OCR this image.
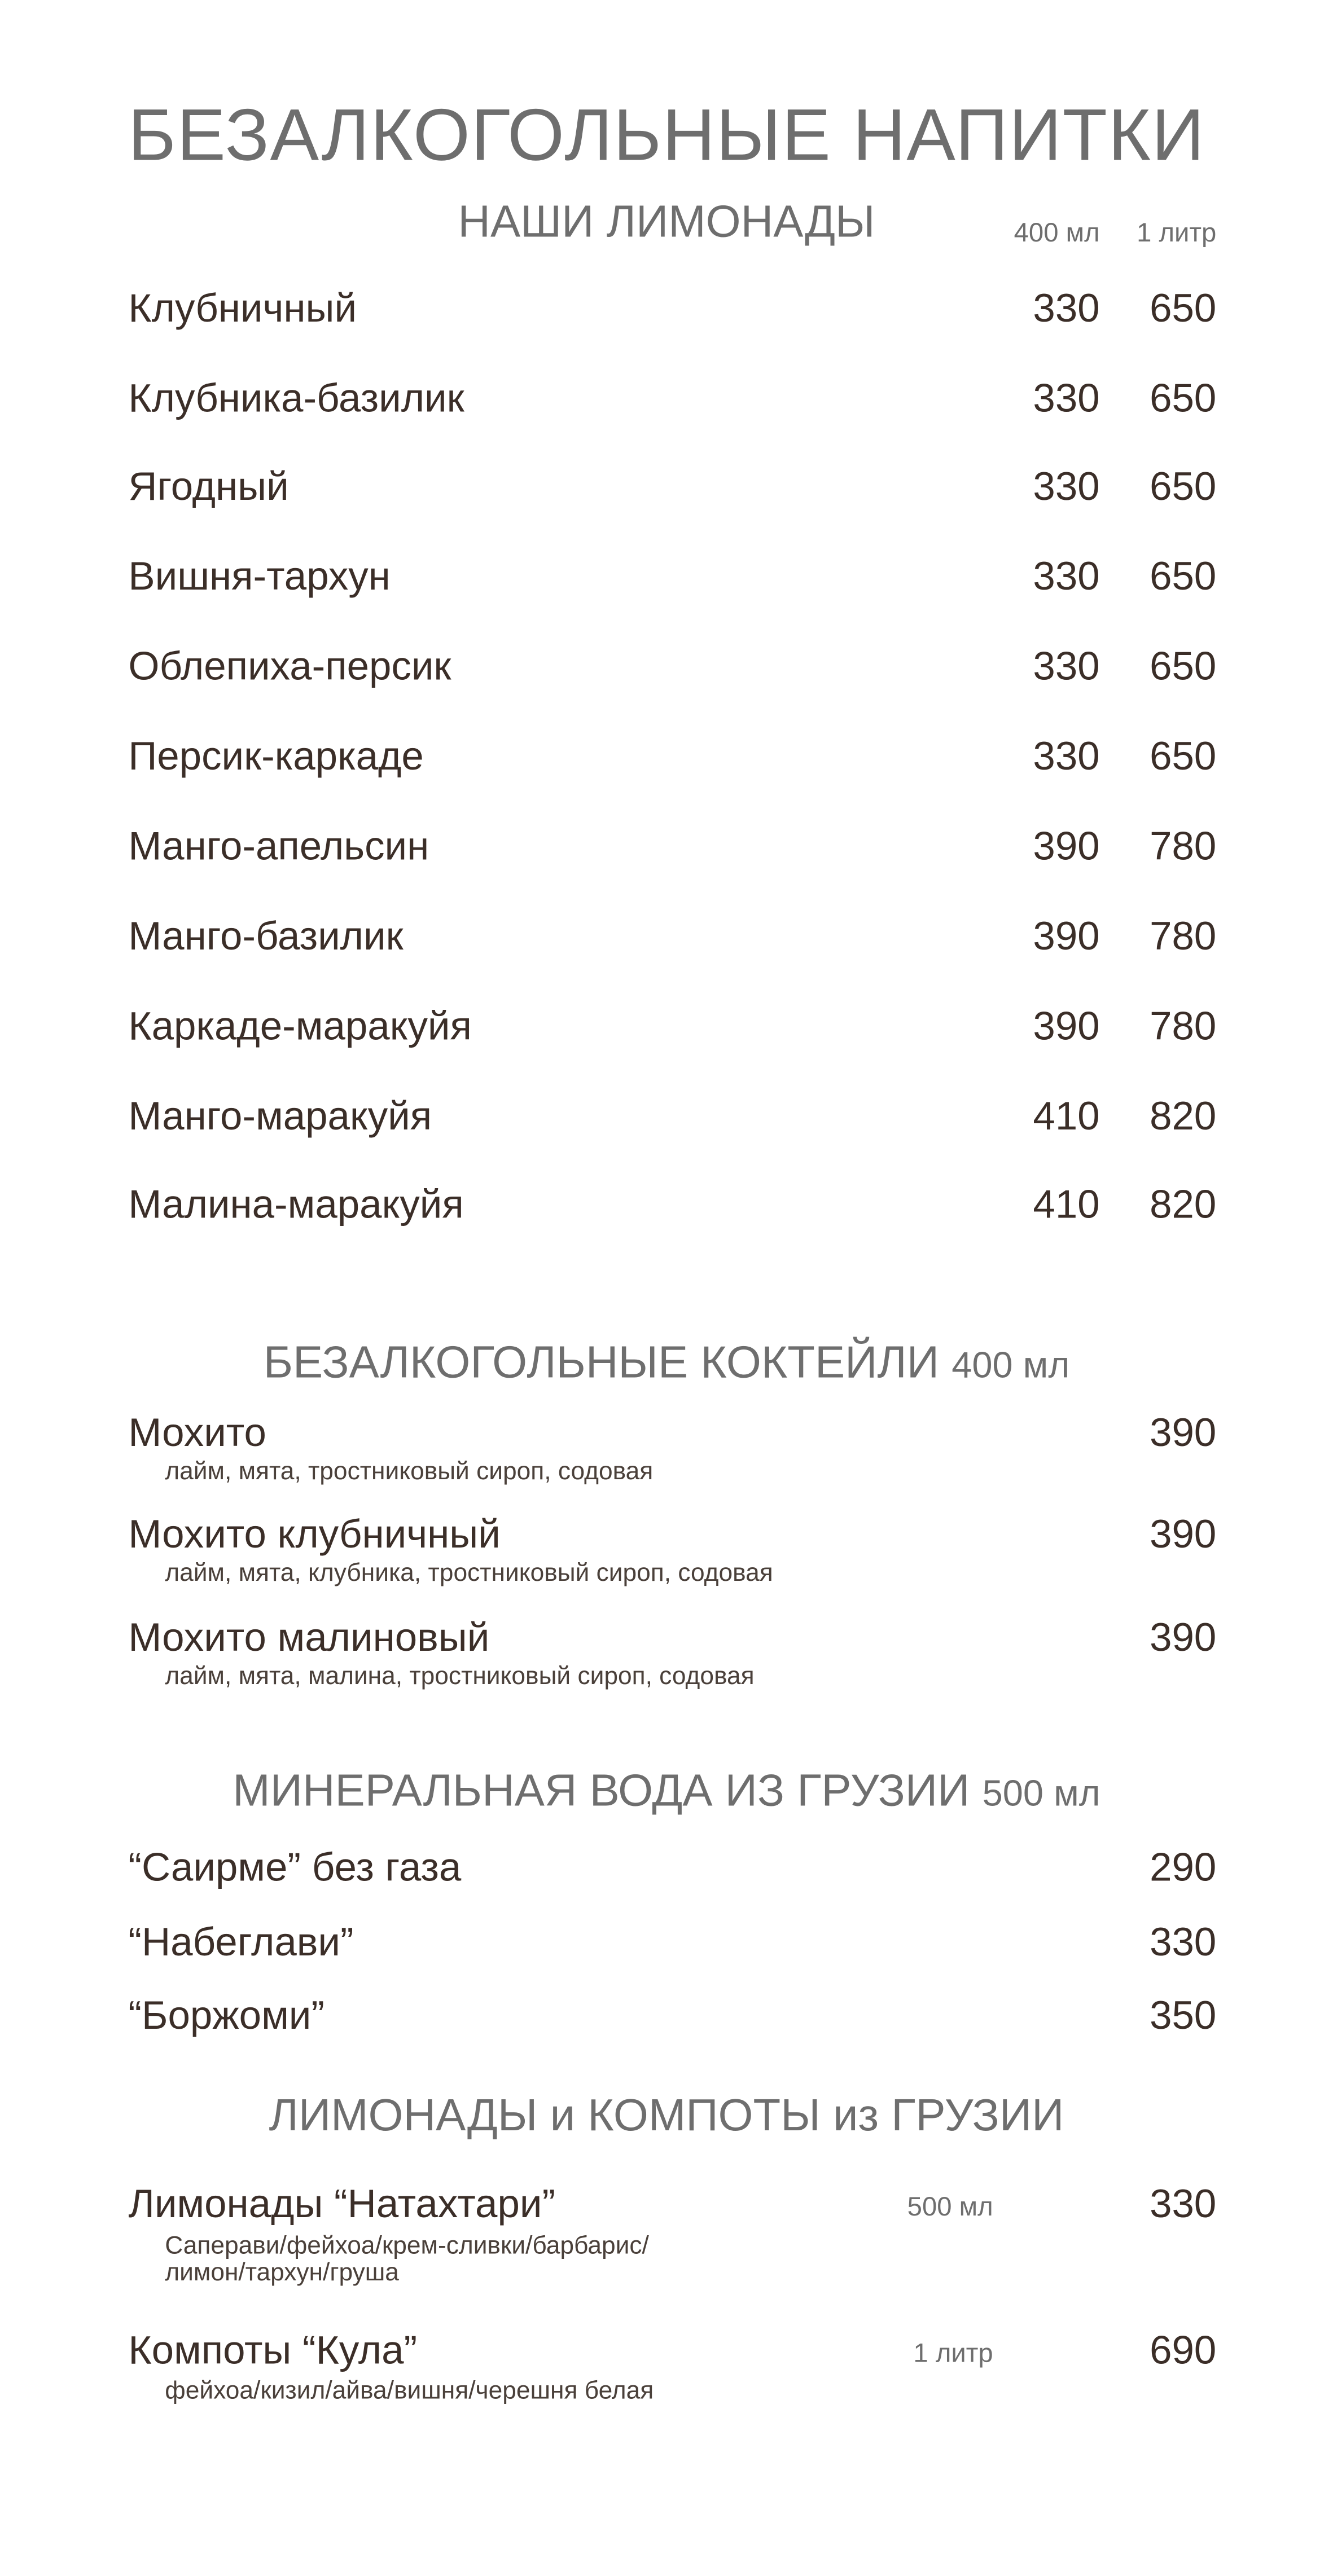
БЕЗАЛКОГОЛЬНЫЕ НАПИТКИ
НАШИ ЛИМОНАДЫ	400 мл	1 литр
Клубничный	330	650
Клубника-базилик	330	650
Ягодный	330	650
Вишня-тархун	330	650
Облепиха-персик	330	650
Персик-каркаде	330	650
Манго-апельсин	390	780
Манго-базилик	390	780
Каркаде-маракуйя	390	780
Манго-маракуйя	410	820
Малина-маракуйя	410	820
БЕЗАЛКОГОЛЬНЫЕ КОКТЕЙЛИ 400 мл
Мохито	390
лайм, мята, тростниковый сироп, содовая
Мохито клубничный	390
лайм, мята, клубника, тростниковый сироп, содовая
Мохито малиновый	390
лайм, мята, малина, тростниковый сироп, содовая
МИНЕРАЛЬНАЯ ВОДА ИЗ ГРУЗИИ 500 мл
“Саирме” без газа	290
“Набеглави”	330
“Боржоми”	350
ЛИМОНАДЫ и КОМПОТЫ из ГРУЗИИ
Лимонады “Натахтари”	500 мл	330
Саперави/фейхоа/крем-сливки/барбарис/
лимон/тархун/груша
Компоты “Кула”	1 литр	690
фейхоа/кизил/айва/вишня/черешня белая
